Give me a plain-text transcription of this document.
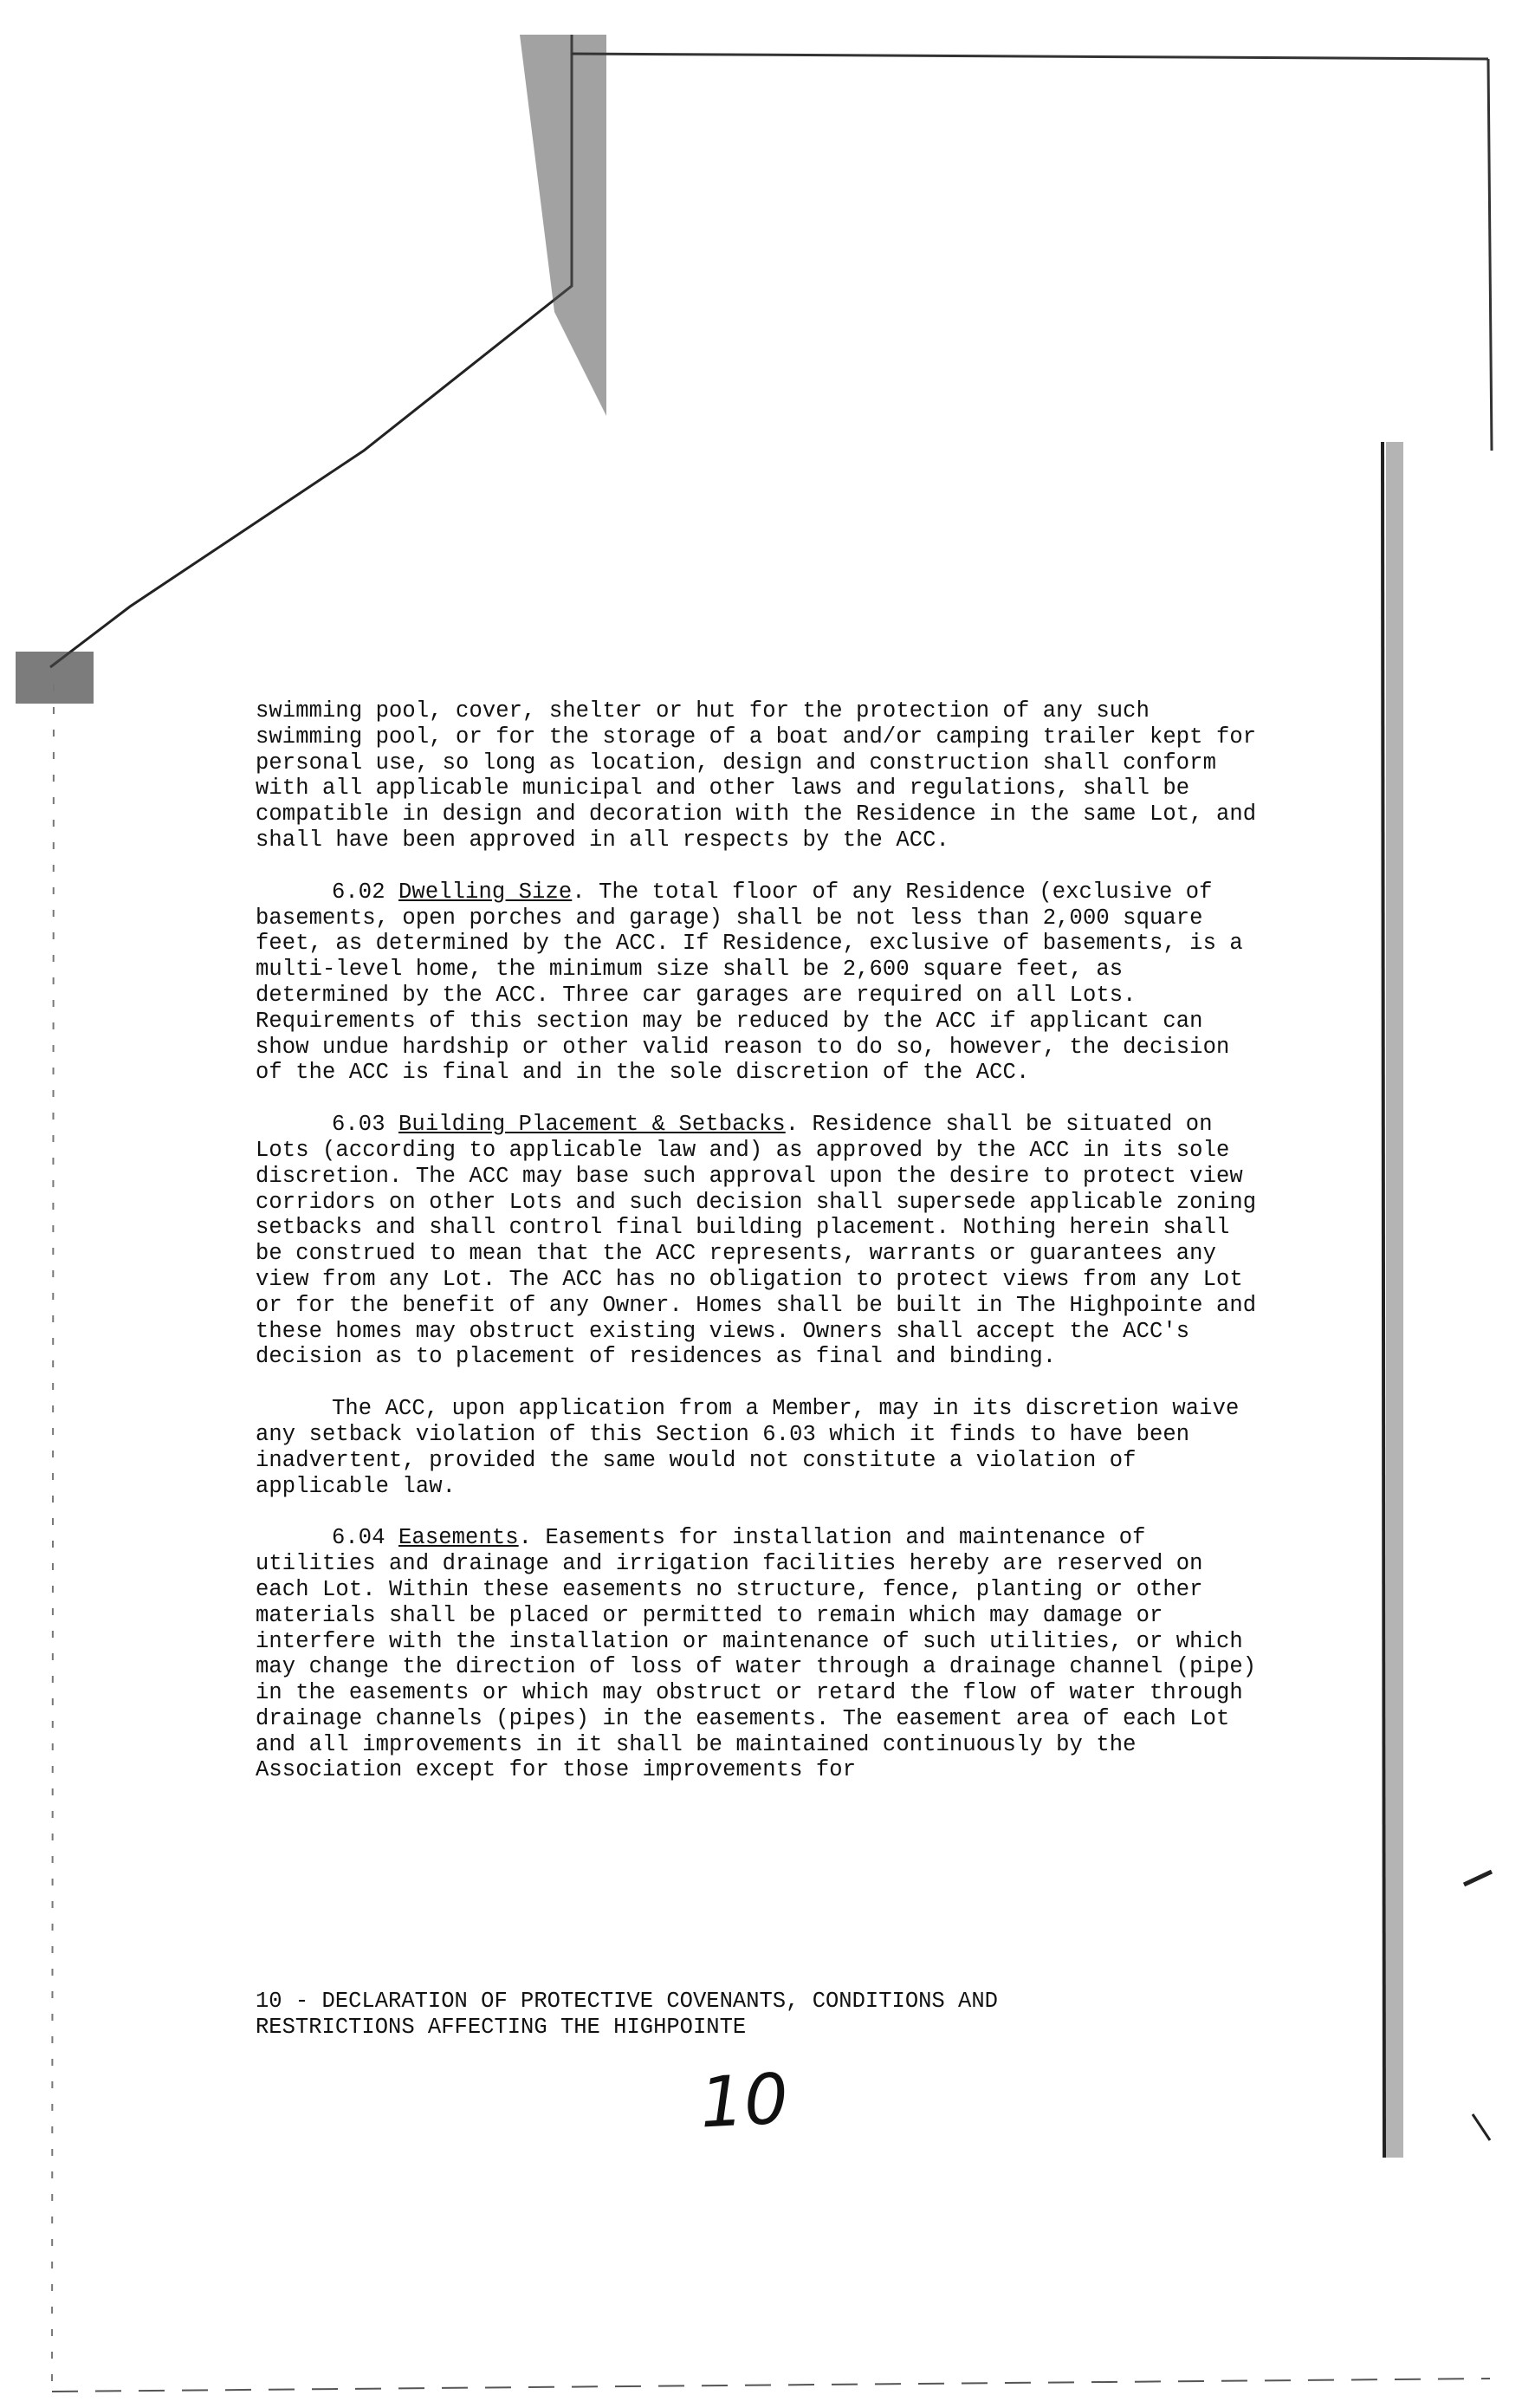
swimming pool, cover, shelter or hut for the protection of any such swimming pool, or for the storage of a boat and/or camping trailer kept for personal use, so long as location, design and construction shall conform with all applicable municipal and other laws and regulations, shall be compatible in design and decoration with the Residence in the same Lot, and shall have been approved in all respects by the ACC.

6.02 Dwelling Size. The total floor of any Residence (exclusive of basements, open porches and garage) shall be not less than 2,000 square feet, as determined by the ACC. If Residence, exclusive of basements, is a multi-level home, the minimum size shall be 2,600 square feet, as determined by the ACC. Three car garages are required on all Lots. Requirements of this section may be reduced by the ACC if applicant can show undue hardship or other valid reason to do so, however, the decision of the ACC is final and in the sole discretion of the ACC.

6.03 Building Placement & Setbacks. Residence shall be situated on Lots (according to applicable law and) as approved by the ACC in its sole discretion. The ACC may base such approval upon the desire to protect view corridors on other Lots and such decision shall supersede applicable zoning setbacks and shall control final building placement. Nothing herein shall be construed to mean that the ACC represents, warrants or guarantees any view from any Lot. The ACC has no obligation to protect views from any Lot or for the benefit of any Owner. Homes shall be built in The Highpointe and these homes may obstruct existing views. Owners shall accept the ACC's decision as to placement of residences as final and binding.

The ACC, upon application from a Member, may in its discretion waive any setback violation of this Section 6.03 which it finds to have been inadvertent, provided the same would not constitute a violation of applicable law.

6.04 Easements. Easements for installation and maintenance of utilities and drainage and irrigation facilities hereby are reserved on each Lot. Within these easements no structure, fence, planting or other materials shall be placed or permitted to remain which may damage or interfere with the installation or maintenance of such utilities, or which may change the direction of loss of water through a drainage channel (pipe) in the easements or which may obstruct or retard the flow of water through drainage channels (pipes) in the easements. The easement area of each Lot and all improvements in it shall be maintained continuously by the Association except for those improvements for

10 - DECLARATION OF PROTECTIVE COVENANTS, CONDITIONS AND
RESTRICTIONS AFFECTING THE HIGHPOINTE
10
